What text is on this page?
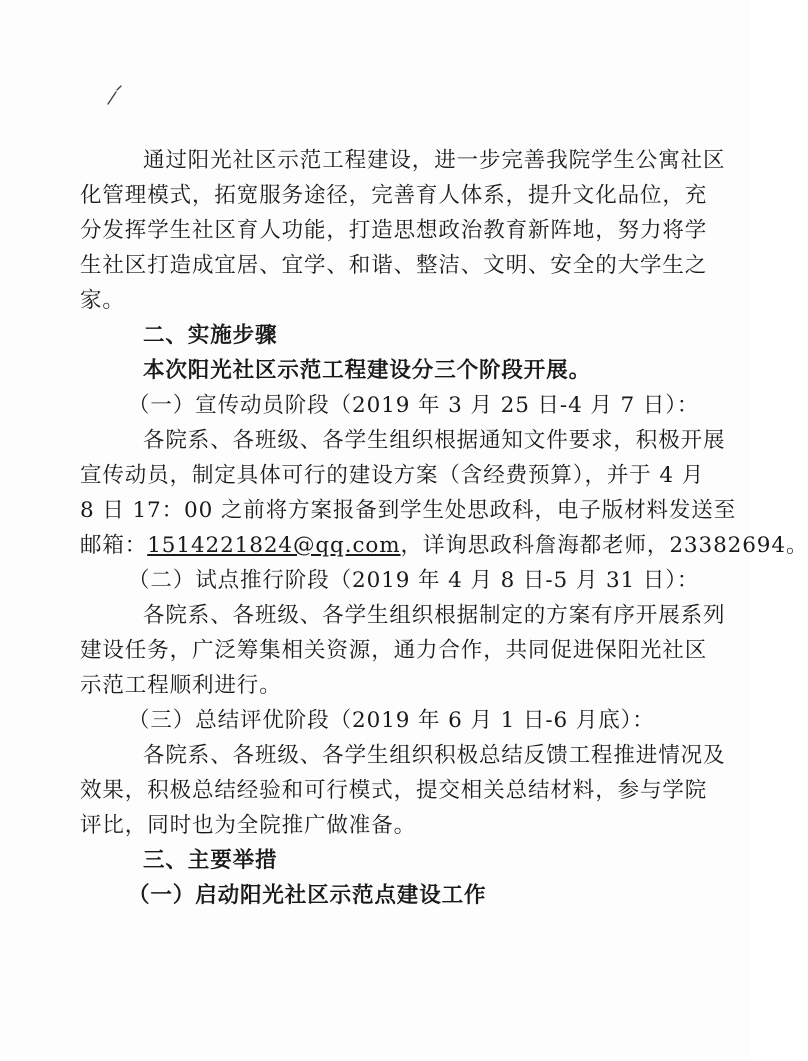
通过阳光社区示范工程建设，进一步完善我院学生公寓社区
化管理模式，拓宽服务途径，完善育人体系，提升文化品位，充
分发挥学生社区育人功能，打造思想政治教育新阵地，努力将学
生社区打造成宜居、宜学、和谐、整洁、文明、安全的大学生之
家。
二、实施步骤
本次阳光社区示范工程建设分三个阶段开展。
（一）宣传动员阶段（2019 年 3 月 25 日-4 月 7 日）：
各院系、各班级、各学生组织根据通知文件要求，积极开展
宣传动员，制定具体可行的建设方案（含经费预算），并于 4 月
8 日 17：00 之前将方案报备到学生处思政科，电子版材料发送至
邮箱：1514221824@qq.com，详询思政科詹海都老师，23382694。
（二）试点推行阶段（2019 年 4 月 8 日-5 月 31 日）：
各院系、各班级、各学生组织根据制定的方案有序开展系列
建设任务，广泛筹集相关资源，通力合作，共同促进保阳光社区
示范工程顺利进行。
（三）总结评优阶段（2019 年 6 月 1 日-6 月底）：
各院系、各班级、各学生组织积极总结反馈工程推进情况及
效果，积极总结经验和可行模式，提交相关总结材料，参与学院
评比，同时也为全院推广做准备。
三、主要举措
（一）启动阳光社区示范点建设工作
